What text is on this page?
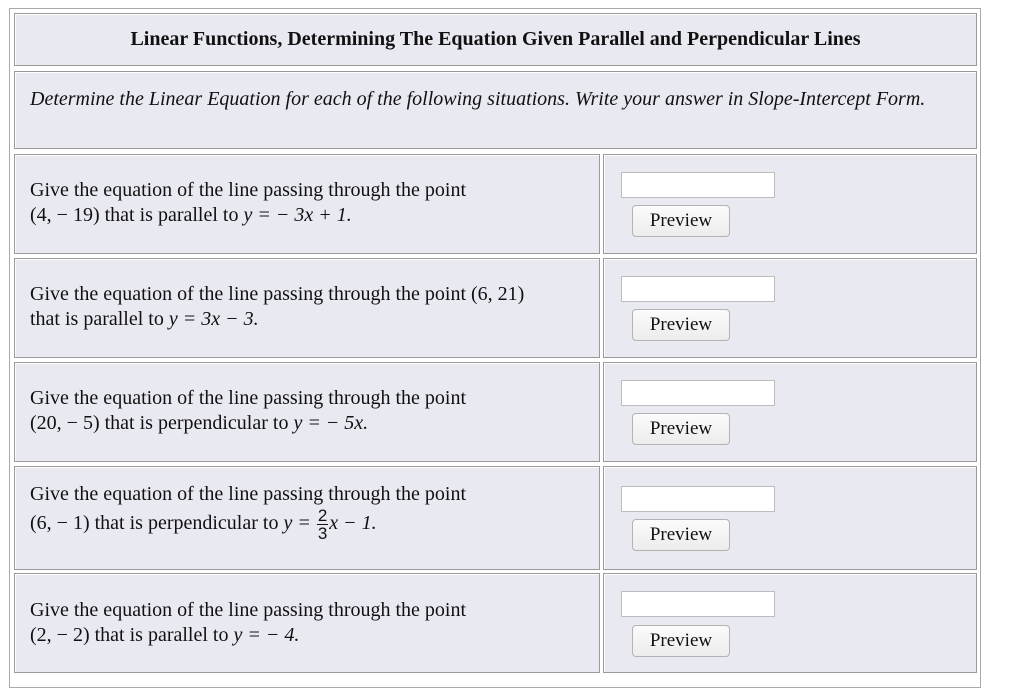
Linear Functions, Determining The Equation Given Parallel and Perpendicular Lines
Determine the Linear Equation for each of the following situations. Write your answer in Slope-Intercept Form.
Give the equation of the line passing through the point
(4, − 19) that is parallel to y = − 3x + 1.	Preview
Give the equation of the line passing through the point (6, 21)
that is parallel to y = 3x − 3.	Preview
Give the equation of the line passing through the point
(20, − 5) that is perpendicular to y = − 5x.	Preview
Give the equation of the line passing through the point
(6, − 1) that is perpendicular to $y = \frac{2}{3}$ x − 1.
Preview
Give the equation of the line passing through the point
(2, − 2) that is parallel to y = − 4.	Preview
